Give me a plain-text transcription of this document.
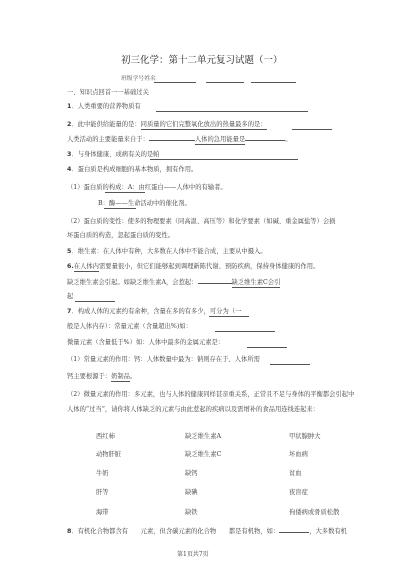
初三化学：第十二单元复习试题（一）
班级学号姓名
一、知识点回首一一基础过关
1．人类重要的营养物质有
2．此中能供给能量的是：同质量的它们完整氧化放出的热量最多的是：
人类活动的主要能量来自于：	人体的急用能量是	。
3．与身体健康、成病有关的是帕
4．蛋白质是构成细胞的基本物质，拥有作用。
（1）蛋白质的构成：A：由红蛋白——人体中的有输者。
B：酶——生命活动中的催化剂。
（2）蛋白质的变性：使多的物理要素（同高温、高压等）和化学要素（如碱、重金属盐等）会损
坏蛋白质的构造，忽起蛋白质的变性。
5．维生素：在人体中有种，大多数在人体中不能合成，主要从中摄入。
6.在人体内需要量很小，但它们能够起到调理新陈代谢、预防疾病，保持身体健康的作用。
缺乏维生素会引起。如缺乏维生素A，会惹起：	缺乏维生素C会引
起
7．构成人体的元素约有余种，含量在多的有多少，可分为（一
般是人体内存）：常量元素（含量超出%)如：
微量元素（含量低于%）如：人体中最多的金属元素是：
（1）常量元素的作用：钙：人体数量中最为：钠则存在于、人体所需
钙主要根源于：奶制品。
（2）微量元素的作用：多元素，也与人体的健康同样甚亲重关系，正常且不足与身体的平衡都会引起中
人体的“过当”，请你将人体缺乏的元素与由此惹起的疾病以及需增补的食品用连线连起来：
西红柿	缺乏维生素A	甲状腺肿大
动物肝脏	缺乏维生素C	坏血病
牛奶	缺钙	贫血
肝等	缺碘	夜盲症
海带	缺铁	佝偻病或骨质松散
8．有机化合物都含有　　元素，但含碳元素的化合物　　都是有机物，如：	，大多数有机
第1页共7页
